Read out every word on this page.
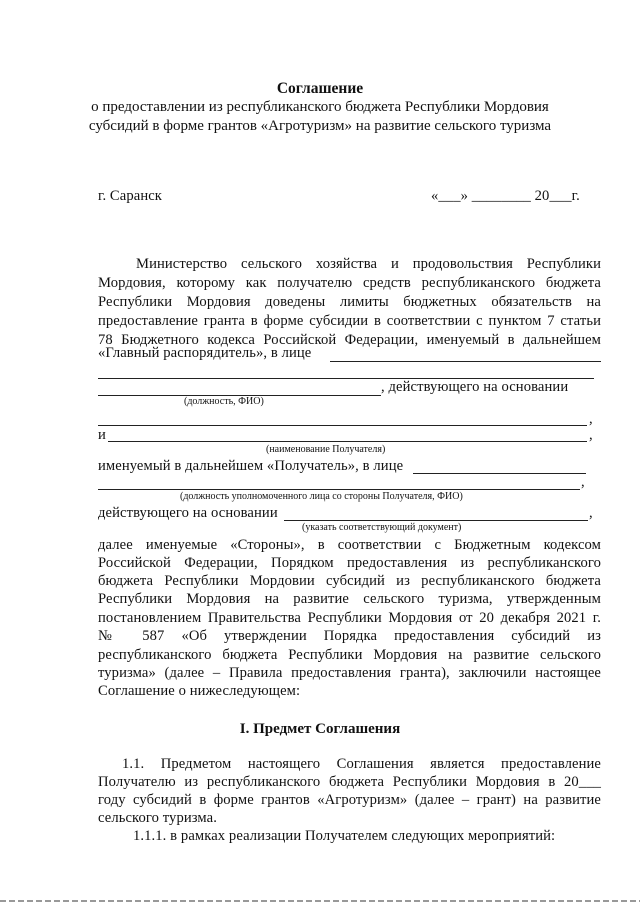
Соглашение
о предоставлении из республиканского бюджета Республики Мордовия
субсидий в форме грантов «Агротуризм» на развитие сельского туризма
г. Саранск	«___» ________ 20___г.
Министерство сельского хозяйства и продовольствия Республики
Мордовия, которому как получателю средств республиканского бюджета
Республики Мордовия доведены лимиты бюджетных обязательств на
предоставление гранта в форме субсидии в соответствии с пунктом 7 статьи
78 Бюджетного кодекса Российской Федерации, именуемый в дальнейшем
«Главный распорядитель», в лице
, действующего на основании
(должность, ФИО)
,
и	,
(наименование Получателя)
именуемый в дальнейшем «Получатель», в лице
,
(должность уполномоченного лица со стороны Получателя, ФИО)
действующего на основании	,
(указать соответствующий документ)
далее именуемые «Стороны», в соответствии с Бюджетным кодексом
Российской Федерации, Порядком предоставления из республиканского
бюджета Республики Мордовии субсидий из республиканского бюджета
Республики Мордовия на развитие сельского туризма, утвержденным
постановлением Правительства Республики Мордовия от 20 декабря 2021 г.
№ 587 «Об утверждении Порядка предоставления субсидий из
республиканского бюджета Республики Мордовия на развитие сельского
туризма» (далее – Правила предоставления гранта), заключили настоящее
Соглашение о нижеследующем:
I. Предмет Соглашения
1.1. Предметом настоящего Соглашения является предоставление
Получателю из республиканского бюджета Республики Мордовия в 20___
году субсидий в форме грантов «Агротуризм» (далее – грант) на развитие
сельского туризма.
1.1.1. в рамках реализации Получателем следующих мероприятий:
